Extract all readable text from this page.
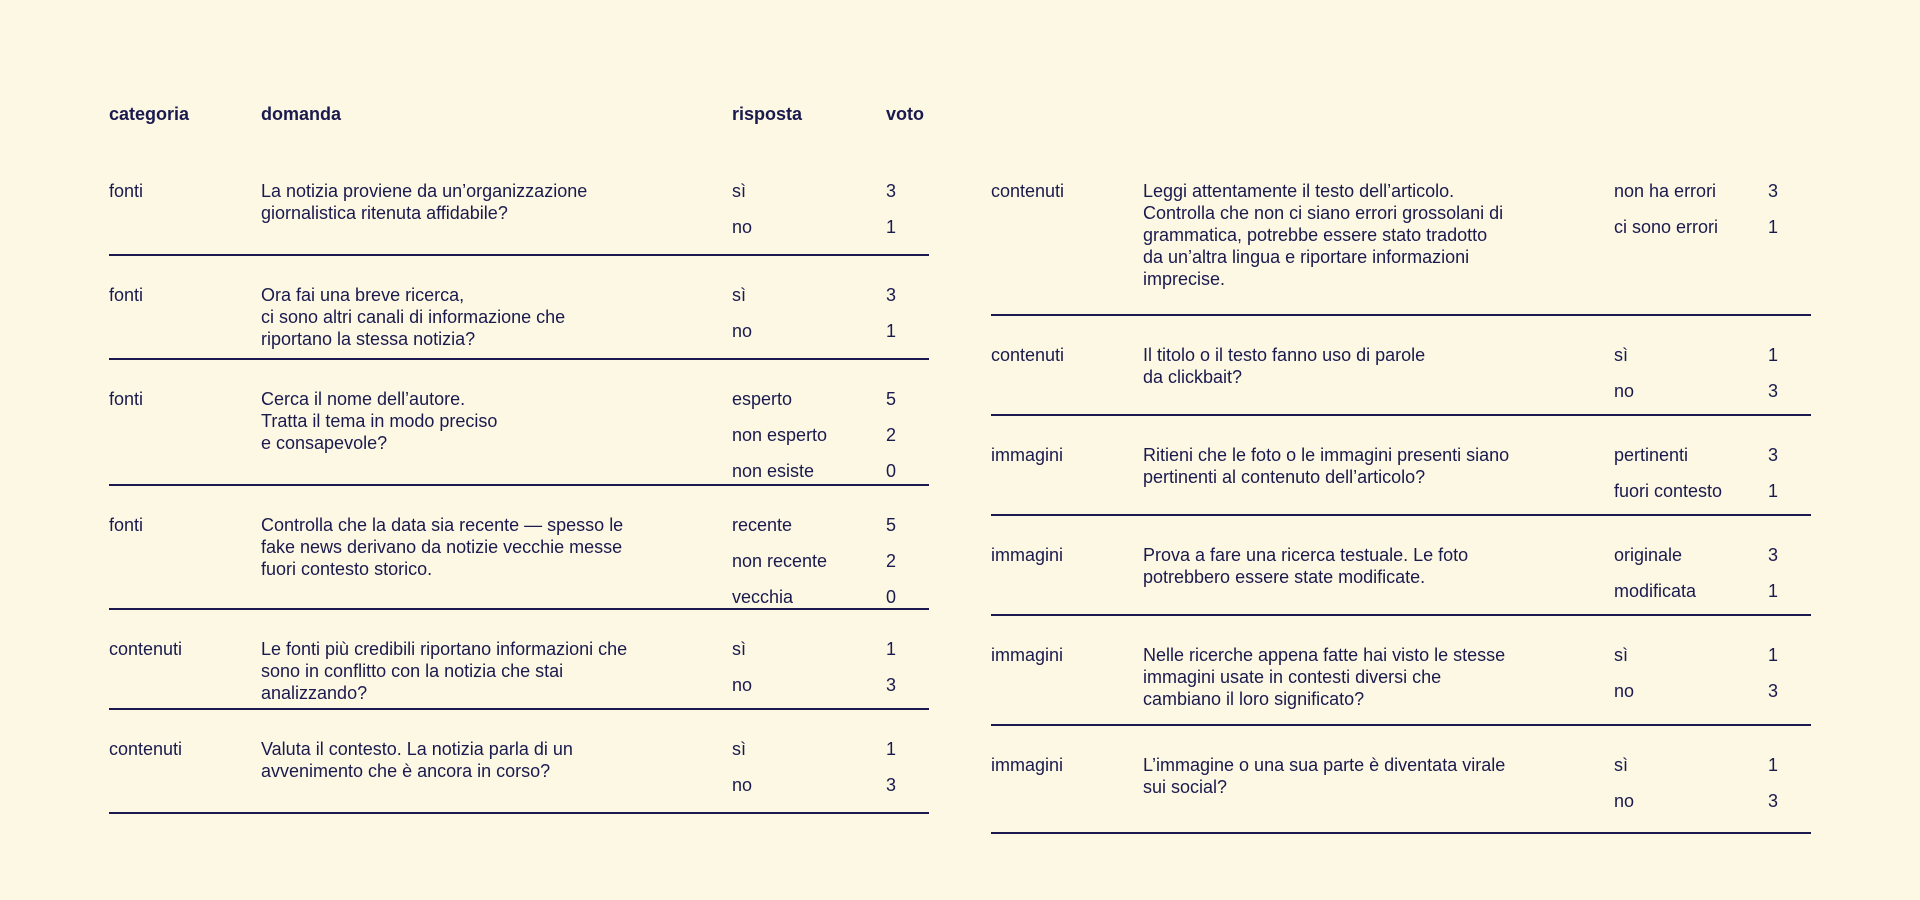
categoria	domanda	risposta	voto
fonti	La notizia proviene da un’organizzazione
giornalistica ritenuta affidabile?
sì	3
no	1
fonti	Ora fai una breve ricerca,
ci sono altri canali di informazione che
riportano la stessa notizia?
sì	3
no	1
fonti	Cerca il nome dell’autore.
Tratta il tema in modo preciso
e consapevole?
esperto	5
non esperto	2
non esiste	0
fonti	Controlla che la data sia recente — spesso le
fake news derivano da notizie vecchie messe
fuori contesto storico.
recente	5
non recente	2
vecchia	0
contenuti	Le fonti più credibili riportano informazioni che
sono in conflitto con la notizia che stai
analizzando?
sì	1
no	3
contenuti	Valuta il contesto. La notizia parla di un
avvenimento che è ancora in corso?
sì	1
no	3
contenuti	Leggi attentamente il testo dell’articolo.
Controlla che non ci siano errori grossolani di
grammatica, potrebbe essere stato tradotto
da un’altra lingua e riportare informazioni
imprecise.
non ha errori	3
ci sono errori	1
contenuti	Il titolo o il testo fanno uso di parole
da clickbait?
sì	1
no	3
immagini	Ritieni che le foto o le immagini presenti siano
pertinenti al contenuto dell’articolo?
pertinenti	3
fuori contesto	1
immagini	Prova a fare una ricerca testuale. Le foto
potrebbero essere state modificate.
originale	3
modificata	1
immagini	Nelle ricerche appena fatte hai visto le stesse
immagini usate in contesti diversi che
cambiano il loro significato?
sì	1
no	3
immagini	L’immagine o una sua parte è diventata virale
sui social?
sì	1
no	3
